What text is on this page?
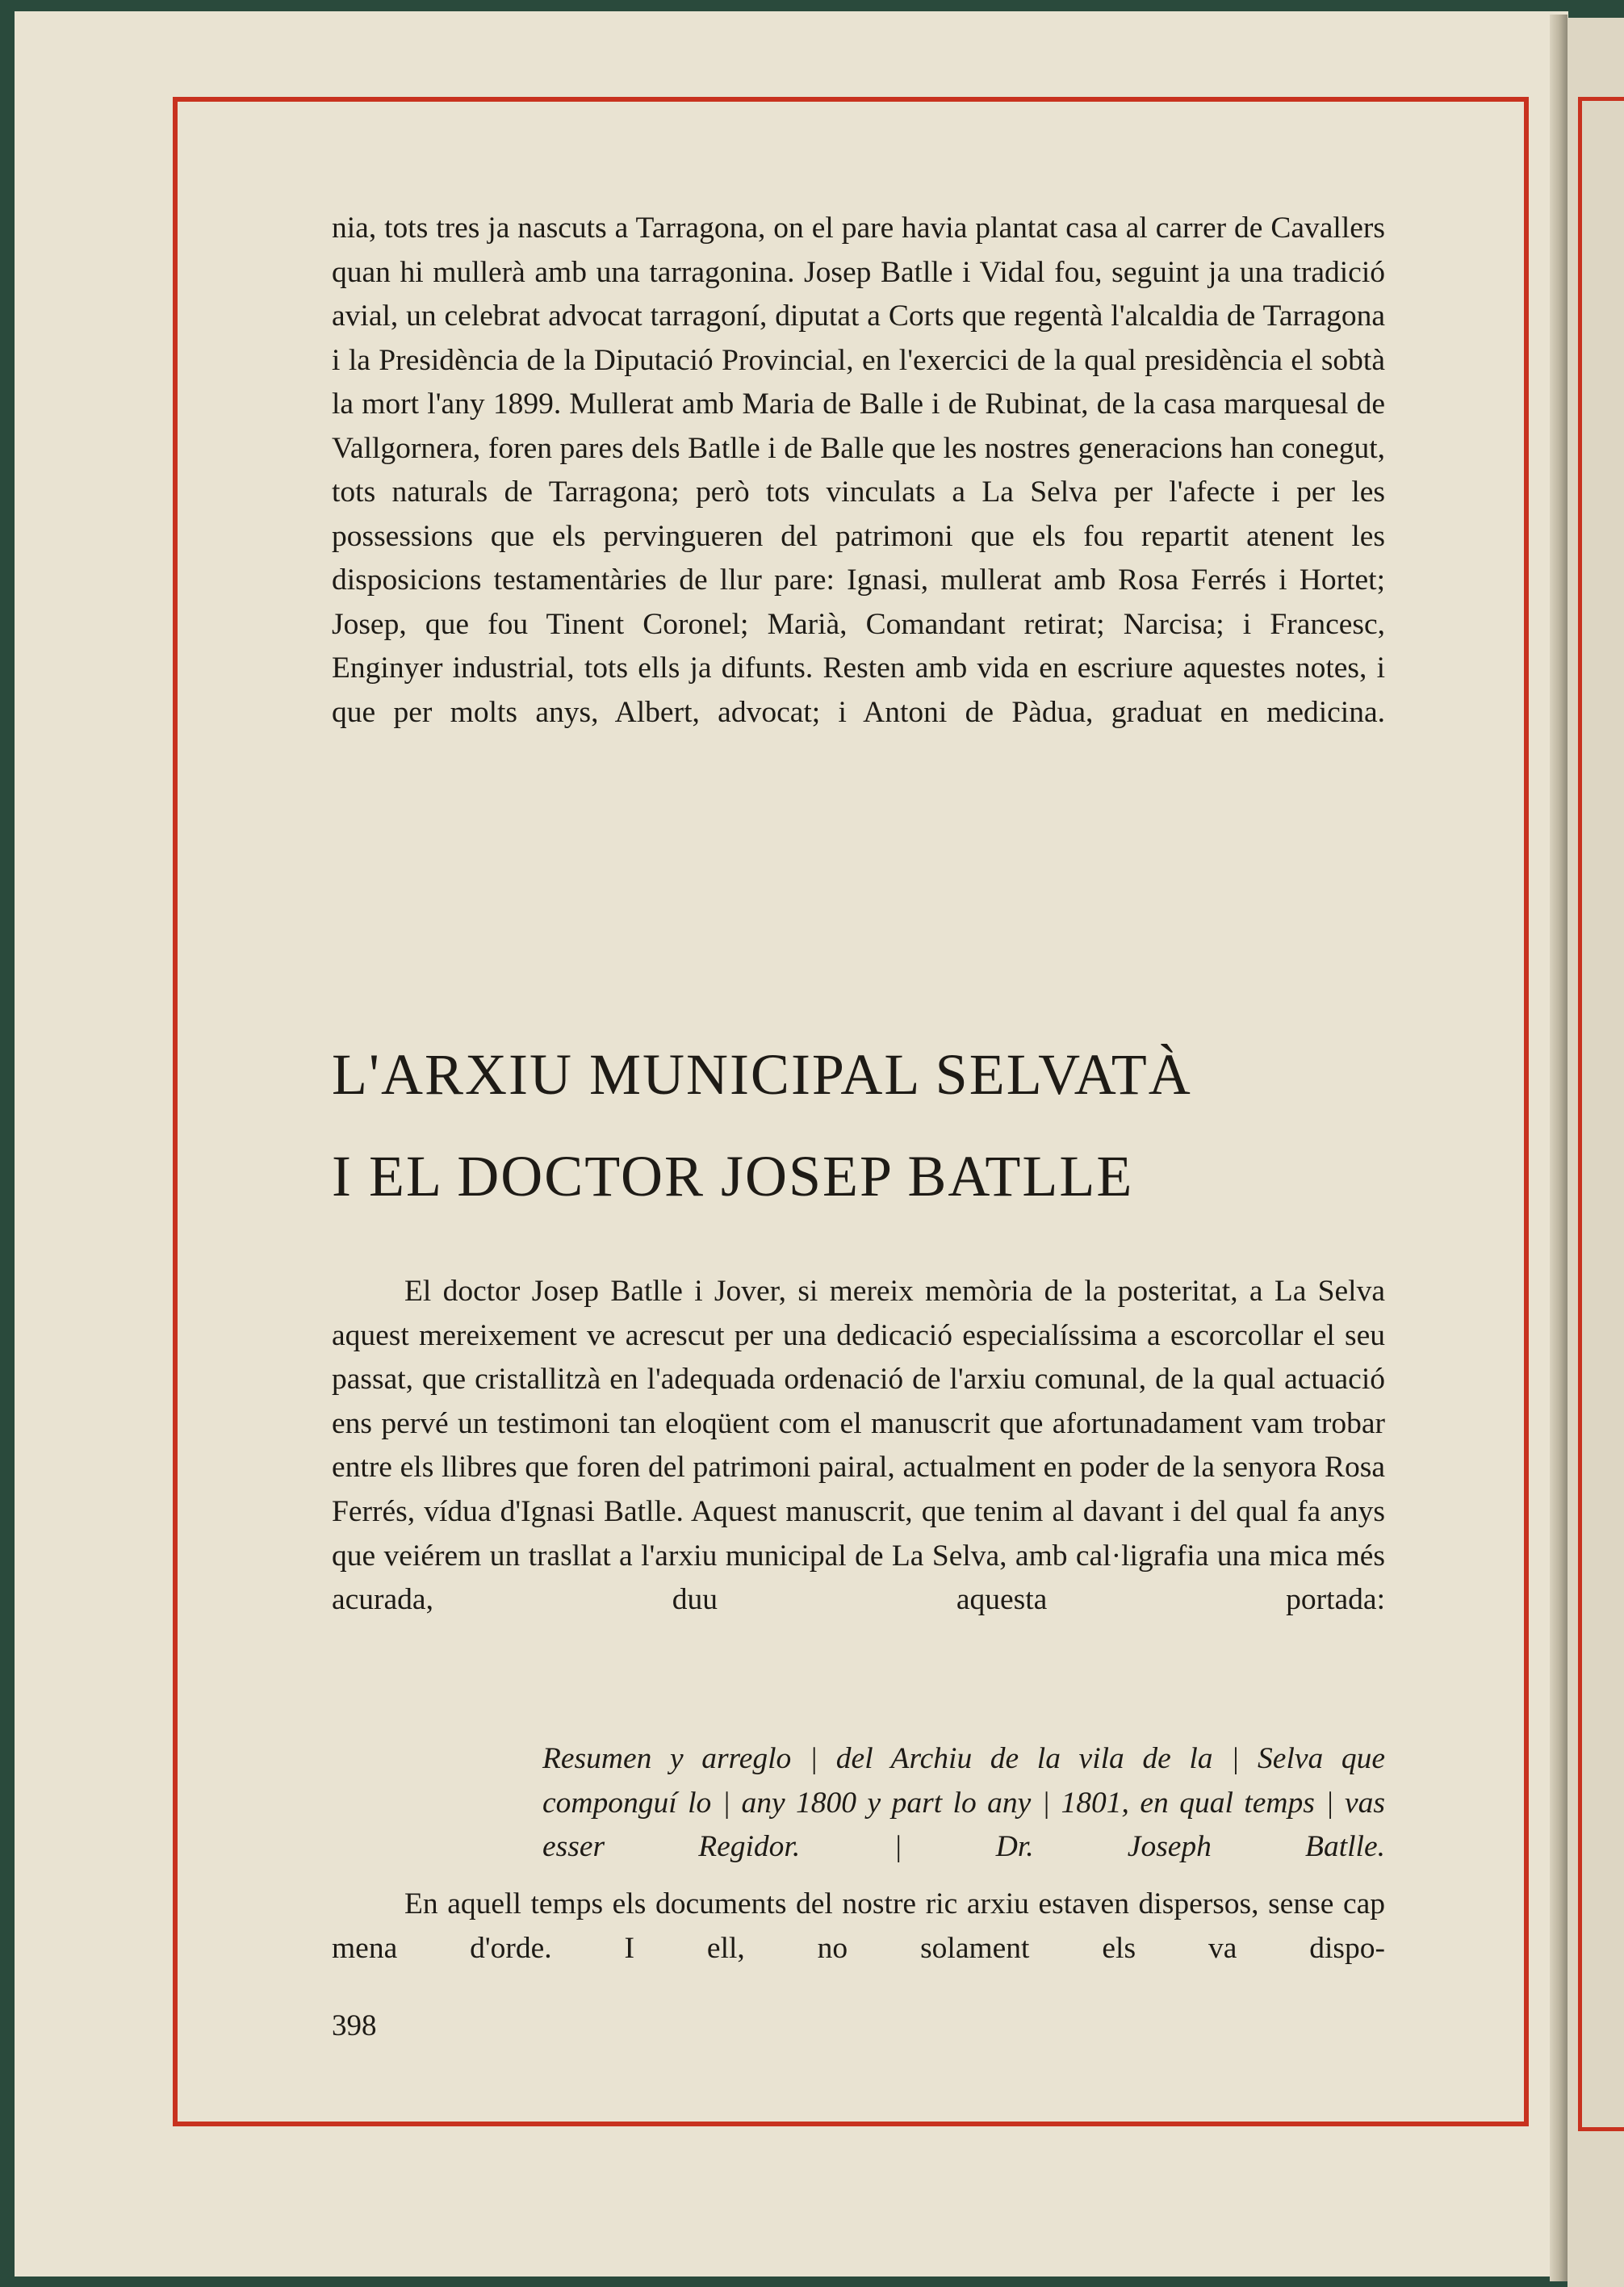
nia, tots tres ja nascuts a Tarragona, on el pare havia plantat casa al carrer de Cavallers quan hi mullerà amb una tarragonina. Josep Batlle i Vidal fou, seguint ja una tradició avial, un celebrat advocat tarragoní, diputat a Corts que regentà l'alcaldia de Tarragona i la Presidència de la Diputació Provincial, en l'exercici de la qual presidència el sobtà la mort l'any 1899. Mullerat amb Maria de Balle i de Rubinat, de la casa marquesal de Vallgornera, foren pares dels Batlle i de Balle que les nostres generacions han conegut, tots naturals de Tarragona; però tots vinculats a La Selva per l'afecte i per les possessions que els pervingueren del patrimoni que els fou repartit atenent les disposicions testamentàries de llur pare: Ignasi, mullerat amb Rosa Ferrés i Hortet; Josep, que fou Tinent Coronel; Marià, Comandant retirat; Narcisa; i Francesc, Enginyer industrial, tots ells ja difunts. Resten amb vida en escriure aquestes notes, i que per molts anys, Albert, advocat; i Antoni de Pàdua, graduat en medicina.

L'ARXIU MUNICIPAL SELVATÀ
I EL DOCTOR JOSEP BATLLE

El doctor Josep Batlle i Jover, si mereix memòria de la posteritat, a La Selva aquest mereixement ve acrescut per una dedicació especialíssima a escorcollar el seu passat, que cristallitzà en l'adequada ordenació de l'arxiu comunal, de la qual actuació ens pervé un testimoni tan eloqüent com el manuscrit que afortunadament vam trobar entre els llibres que foren del patrimoni pairal, actualment en poder de la senyora Rosa Ferrés, vídua d'Ignasi Batlle. Aquest manuscrit, que tenim al davant i del qual fa anys que veiérem un trasllat a l'arxiu municipal de La Selva, amb cal·ligrafia una mica més acurada, duu aquesta portada:

Resumen y arreglo | del Archiu de la vila de la | Selva que componguí lo | any 1800 y part lo any | 1801, en qual temps | vas esser Regidor. | Dr. Joseph Batlle.

En aquell temps els documents del nostre ric arxiu estaven dispersos, sense cap mena d'orde. I ell, no solament els va dispo-

398
